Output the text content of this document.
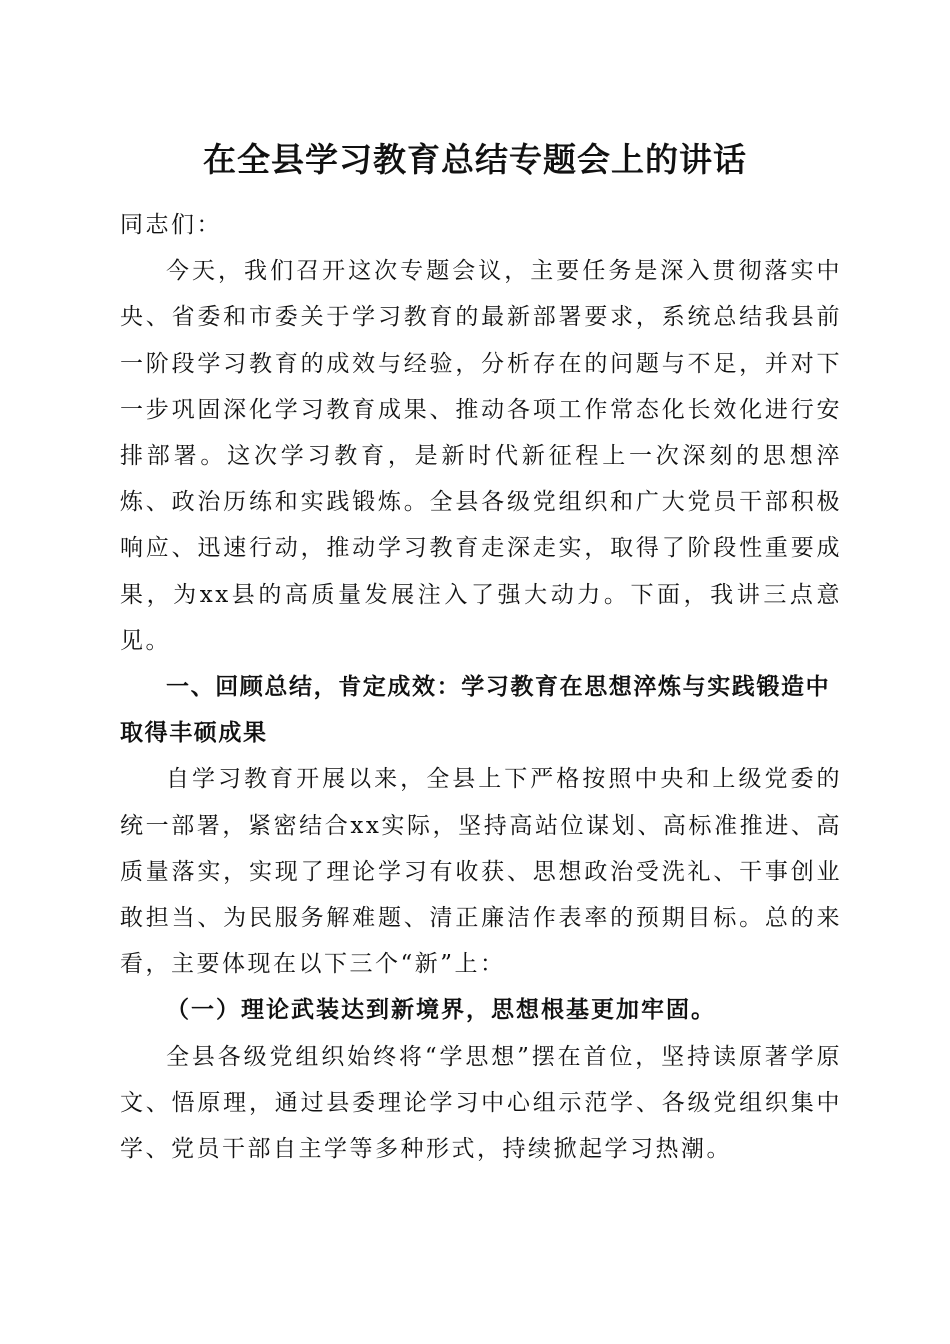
在全县学习教育总结专题会上的讲话

同志们：

今天，我们召开这次专题会议，主要任务是深入贯彻落实中央、省委和市委关于学习教育的最新部署要求，系统总结我县前一阶段学习教育的成效与经验，分析存在的问题与不足，并对下一步巩固深化学习教育成果、推动各项工作常态化长效化进行安排部署。这次学习教育，是新时代新征程上一次深刻的思想淬炼、政治历练和实践锻炼。全县各级党组织和广大党员干部积极响应、迅速行动，推动学习教育走深走实，取得了阶段性重要成果，为xx县的高质量发展注入了强大动力。下面，我讲三点意见。

一、回顾总结，肯定成效：学习教育在思想淬炼与实践锻造中取得丰硕成果

自学习教育开展以来，全县上下严格按照中央和上级党委的统一部署，紧密结合xx实际，坚持高站位谋划、高标准推进、高质量落实，实现了理论学习有收获、思想政治受洗礼、干事创业敢担当、为民服务解难题、清正廉洁作表率的预期目标。总的来看，主要体现在以下三个“新”上：

（一）理论武装达到新境界，思想根基更加牢固。

全县各级党组织始终将“学思想”摆在首位，坚持读原著学原文、悟原理，通过县委理论学习中心组示范学、各级党组织集中学、党员干部自主学等多种形式，持续掀起学习热潮。
